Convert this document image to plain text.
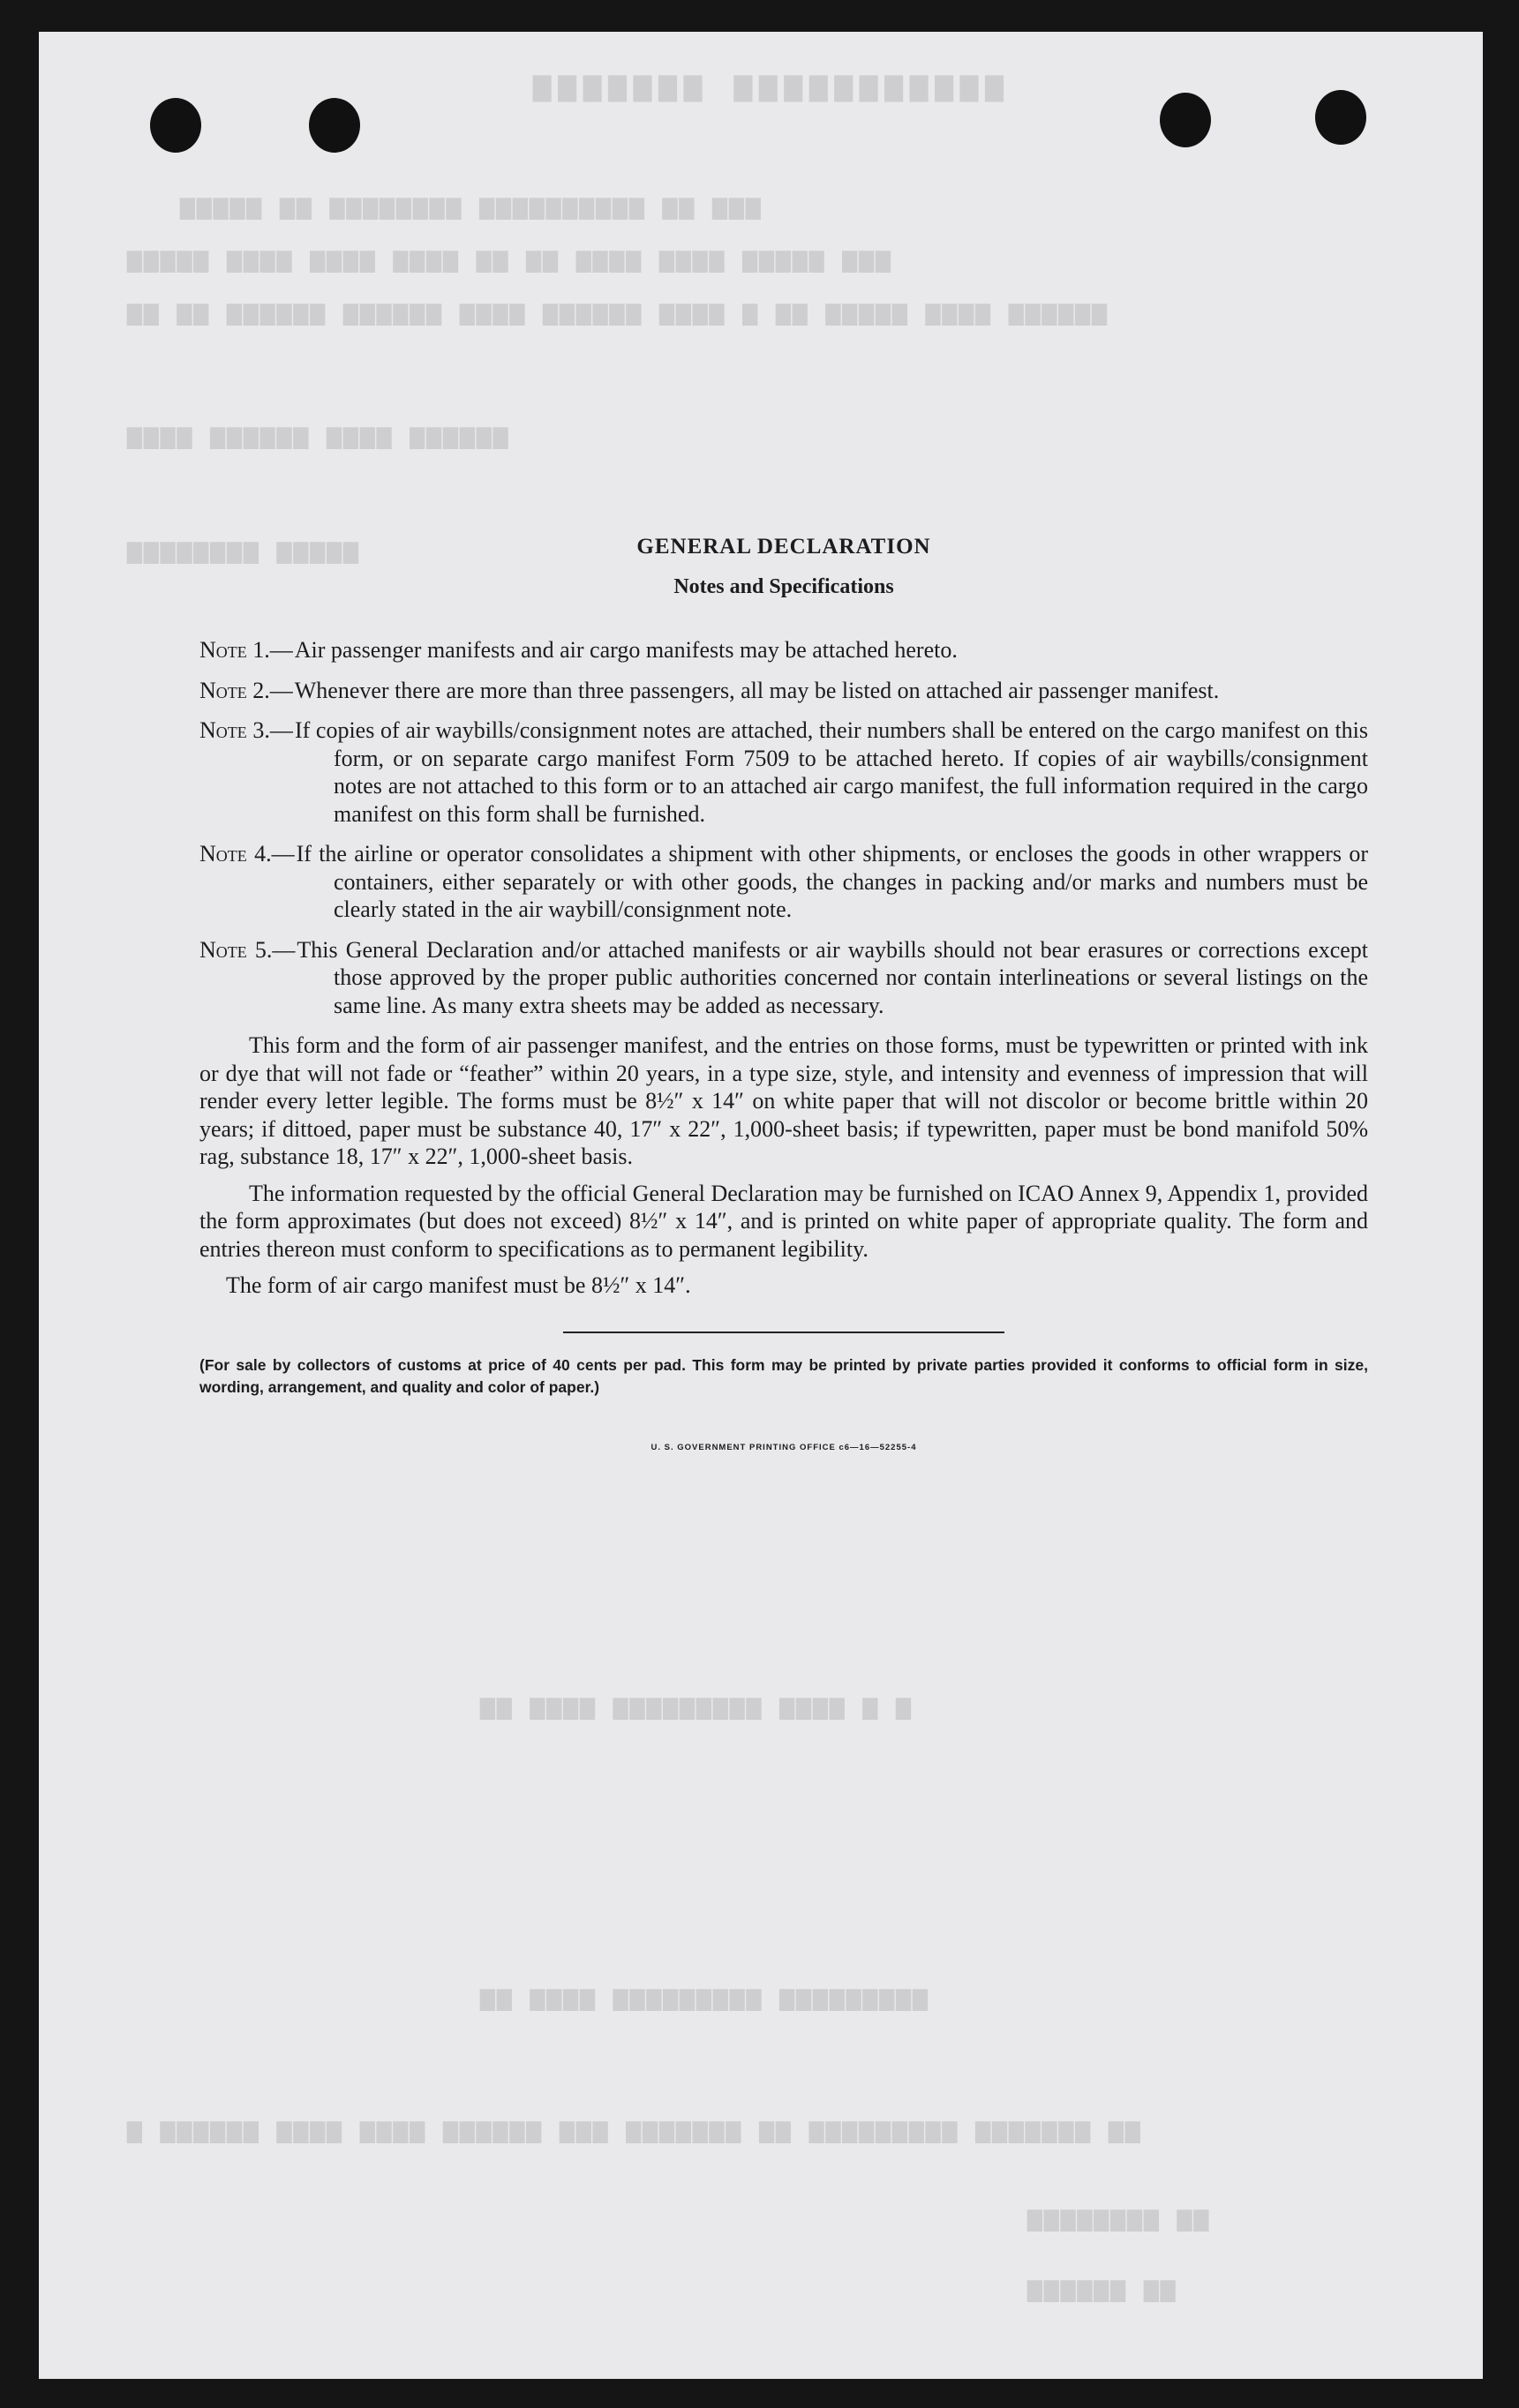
▆▆▆▆▆▆▆ ▆▆▆▆▆▆▆▆▆▆▆
▆▆▆▆▆ ▆▆ ▆▆▆▆▆▆▆▆ ▆▆▆▆▆▆▆▆▆▆ ▆▆ ▆▆▆
▆▆▆▆▆ ▆▆▆▆ ▆▆▆▆ ▆▆▆▆ ▆▆ ▆▆ ▆▆▆▆ ▆▆▆▆ ▆▆▆▆▆ ▆▆▆
▆▆ ▆▆ ▆▆▆▆▆▆ ▆▆▆▆▆▆ ▆▆▆▆ ▆▆▆▆▆▆ ▆▆▆▆ ▆ ▆▆ ▆▆▆▆▆ ▆▆▆▆ ▆▆▆▆▆▆
▆▆▆▆ ▆▆▆▆▆▆ ▆▆▆▆ ▆▆▆▆▆▆
▆▆▆▆▆▆▆▆ ▆▆▆▆▆
▆▆ ▆▆▆▆ ▆▆▆▆▆▆▆▆▆ ▆▆▆▆ ▆ ▆
▆▆ ▆▆▆▆ ▆▆▆▆▆▆▆▆▆ ▆▆▆▆▆▆▆▆▆
▆ ▆▆▆▆▆▆ ▆▆▆▆ ▆▆▆▆ ▆▆▆▆▆▆ ▆▆▆ ▆▆▆▆▆▆▆ ▆▆ ▆▆▆▆▆▆▆▆▆ ▆▆▆▆▆▆▆ ▆▆
▆▆▆▆▆▆▆▆ ▆▆
▆▆▆▆▆▆ ▆▆
GENERAL DECLARATION
Notes and Specifications
Note 1.—Air passenger manifests and air cargo manifests may be attached hereto.
Note 2.—Whenever there are more than three passengers, all may be listed on attached air passenger manifest.
Note 3.—If copies of air waybills/consignment notes are attached, their numbers shall be entered on the cargo manifest on this form, or on separate cargo manifest Form 7509 to be attached hereto. If copies of air waybills/consignment notes are not attached to this form or to an attached air cargo manifest, the full information required in the cargo manifest on this form shall be furnished.
Note 4.—If the airline or operator consolidates a shipment with other shipments, or encloses the goods in other wrappers or containers, either separately or with other goods, the changes in packing and/or marks and numbers must be clearly stated in the air waybill/consignment note.
Note 5.—This General Declaration and/or attached manifests or air waybills should not bear erasures or corrections except those approved by the proper public authorities concerned nor contain interlineations or several listings on the same line. As many extra sheets may be added as necessary.
This form and the form of air passenger manifest, and the entries on those forms, must be typewritten or printed with ink or dye that will not fade or “feather” within 20 years, in a type size, style, and intensity and evenness of impression that will render every letter legible. The forms must be 8½″ x 14″ on white paper that will not discolor or become brittle within 20 years; if dittoed, paper must be substance 40, 17″ x 22″, 1,000-sheet basis; if typewritten, paper must be bond manifold 50% rag, substance 18, 17″ x 22″, 1,000-sheet basis.
The information requested by the official General Declaration may be furnished on ICAO Annex 9, Appendix 1, provided the form approximates (but does not exceed) 8½″ x 14″, and is printed on white paper of appropriate quality. The form and entries thereon must conform to specifications as to permanent legibility.
The form of air cargo manifest must be 8½″ x 14″.
(For sale by collectors of customs at price of 40 cents per pad. This form may be printed by private parties provided it conforms to official form in size, wording, arrangement, and quality and color of paper.)
U. S. GOVERNMENT PRINTING OFFICE c6—16—52255-4
